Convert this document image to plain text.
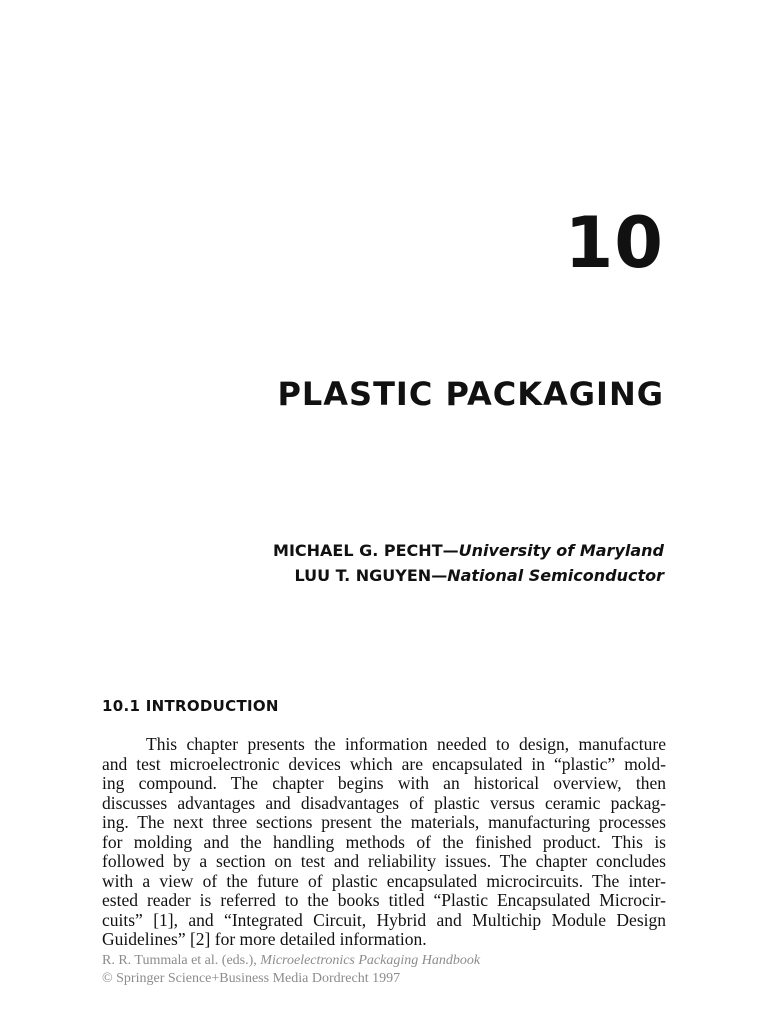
10
PLASTIC PACKAGING
MICHAEL G. PECHT—University of Maryland
LUU T. NGUYEN—National Semiconductor
10.1 INTRODUCTION
This chapter presents the information needed to design, manufacture
and test microelectronic devices which are encapsulated in “plastic” mold-
ing compound. The chapter begins with an historical overview, then
discusses advantages and disadvantages of plastic versus ceramic packag-
ing. The next three sections present the materials, manufacturing processes
for molding and the handling methods of the finished product. This is
followed by a section on test and reliability issues. The chapter concludes
with a view of the future of plastic encapsulated microcircuits. The inter-
ested reader is referred to the books titled “Plastic Encapsulated Microcir-
cuits” [1], and “Integrated Circuit, Hybrid and Multichip Module Design
Guidelines” [2] for more detailed information.
R. R. Tummala et al. (eds.), Microelectronics Packaging Handbook
© Springer Science+Business Media Dordrecht 1997
